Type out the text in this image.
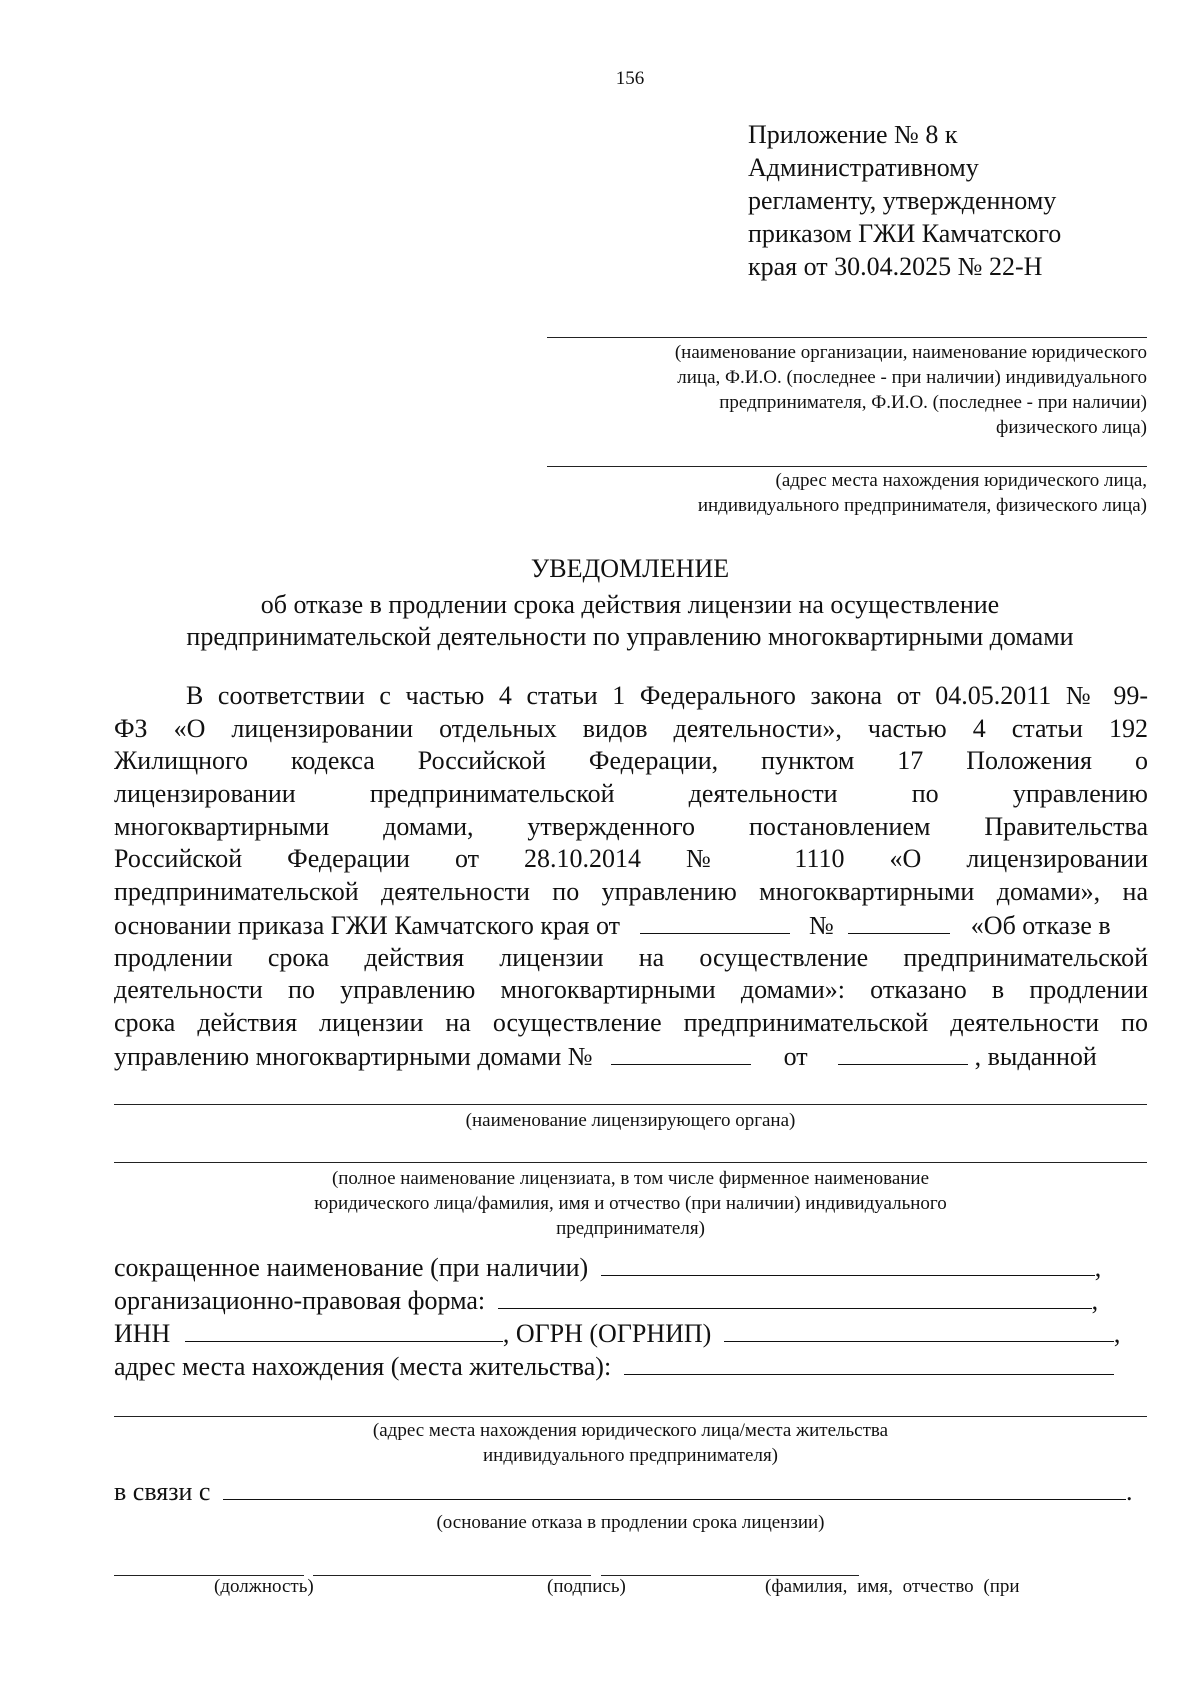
156
Приложение № 8 к
Административному
регламенту, утвержденному
приказом ГЖИ Камчатского
края от 30.04.2025 № 22-Н
(наименование организации, наименование юридического
лица, Ф.И.О. (последнее - при наличии) индивидуального
предпринимателя, Ф.И.О. (последнее - при наличии)
физического лица)
(адрес места нахождения юридического лица,
индивидуального предпринимателя, физического лица)
УВЕДОМЛЕНИЕ
об отказе в продлении срока действия лицензии на осуществление
предпринимательской деятельности по управлению многоквартирными домами
В соответствии с частью 4 статьи 1 Федерального закона от 04.05.2011 № 99-
ФЗ «О лицензировании отдельных видов деятельности», частью 4 статьи 192
Жилищного кодекса Российской Федерации, пунктом 17 Положения о
лицензировании предпринимательской деятельности по управлению
многоквартирными домами, утвержденного постановлением Правительства
Российской Федерации от 28.10.2014 № 1110 «О лицензировании
предпринимательской деятельности по управлению многоквартирными домами», на
основании приказа ГЖИ Камчатского края от	№	«Об отказе в
продлении срока действия лицензии на осуществление предпринимательской
деятельности по управлению многоквартирными домами»: отказано в продлении
срока действия лицензии на осуществление предпринимательской деятельности по
управлению многоквартирными домами №	от	, выданной
(наименование лицензирующего органа)
(полное наименование лицензиата, в том числе фирменное наименование
юридического лица/фамилия, имя и отчество (при наличии) индивидуального
предпринимателя)
сокращенное наименование (при наличии)	,
организационно-правовая форма:	,
ИНН	, ОГРН (ОГРНИП)	,
адрес места нахождения (места жительства):
(адрес места нахождения юридического лица/места жительства
индивидуального предпринимателя)
в связи с	.
(основание отказа в продлении срока лицензии)
(должность)	(подпись)	(фамилия, имя, отчество (при
